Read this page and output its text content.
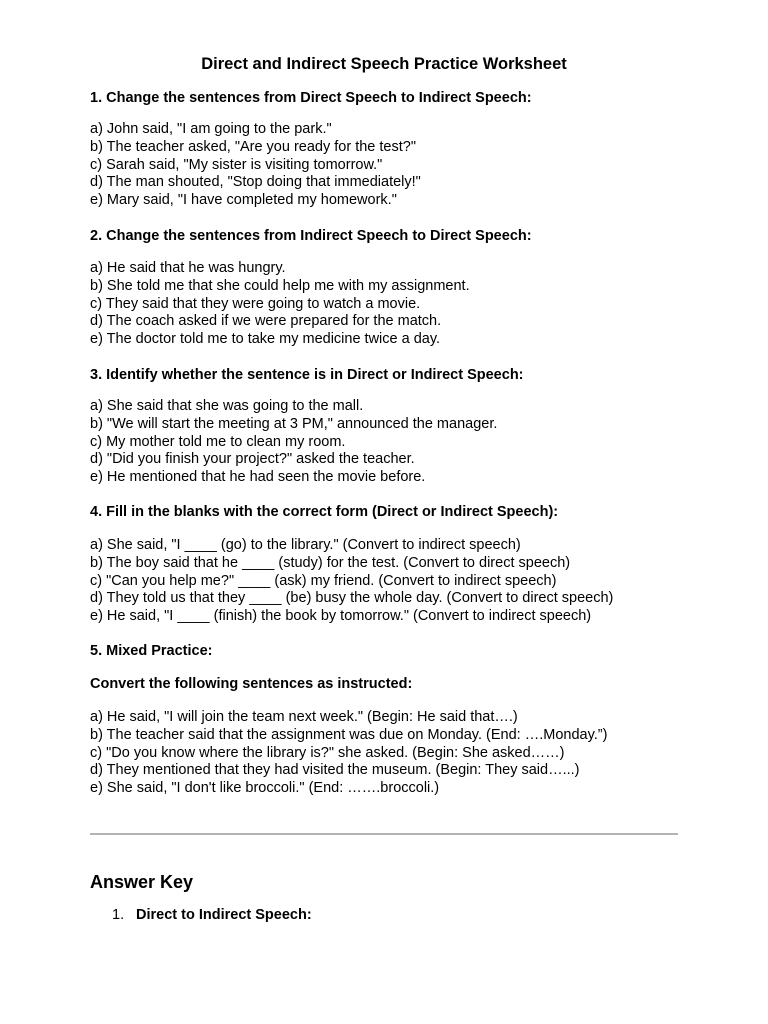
Direct and Indirect Speech Practice Worksheet
1. Change the sentences from Direct Speech to Indirect Speech:
a) John said, "I am going to the park."
b) The teacher asked, "Are you ready for the test?"
c) Sarah said, "My sister is visiting tomorrow."
d) The man shouted, "Stop doing that immediately!"
e) Mary said, "I have completed my homework."
2. Change the sentences from Indirect Speech to Direct Speech:
a) He said that he was hungry.
b) She told me that she could help me with my assignment.
c) They said that they were going to watch a movie.
d) The coach asked if we were prepared for the match.
e) The doctor told me to take my medicine twice a day.
3. Identify whether the sentence is in Direct or Indirect Speech:
a) She said that she was going to the mall.
b) "We will start the meeting at 3 PM," announced the manager.
c) My mother told me to clean my room.
d) "Did you finish your project?" asked the teacher.
e) He mentioned that he had seen the movie before.
4. Fill in the blanks with the correct form (Direct or Indirect Speech):
a) She said, "I ____ (go) to the library." (Convert to indirect speech)
b) The boy said that he ____ (study) for the test. (Convert to direct speech)
c) "Can you help me?" ____ (ask) my friend. (Convert to indirect speech)
d) They told us that they ____ (be) busy the whole day. (Convert to direct speech)
e) He said, "I ____ (finish) the book by tomorrow." (Convert to indirect speech)
5. Mixed Practice:
Convert the following sentences as instructed:
a) He said, "I will join the team next week." (Begin: He said that….)
b) The teacher said that the assignment was due on Monday. (End: ….Monday.”)
c) "Do you know where the library is?" she asked. (Begin: She asked……)
d) They mentioned that they had visited the museum. (Begin: They said…...)
e) She said, "I don't like broccoli." (End: …….broccoli.)
Answer Key
1. Direct to Indirect Speech:
